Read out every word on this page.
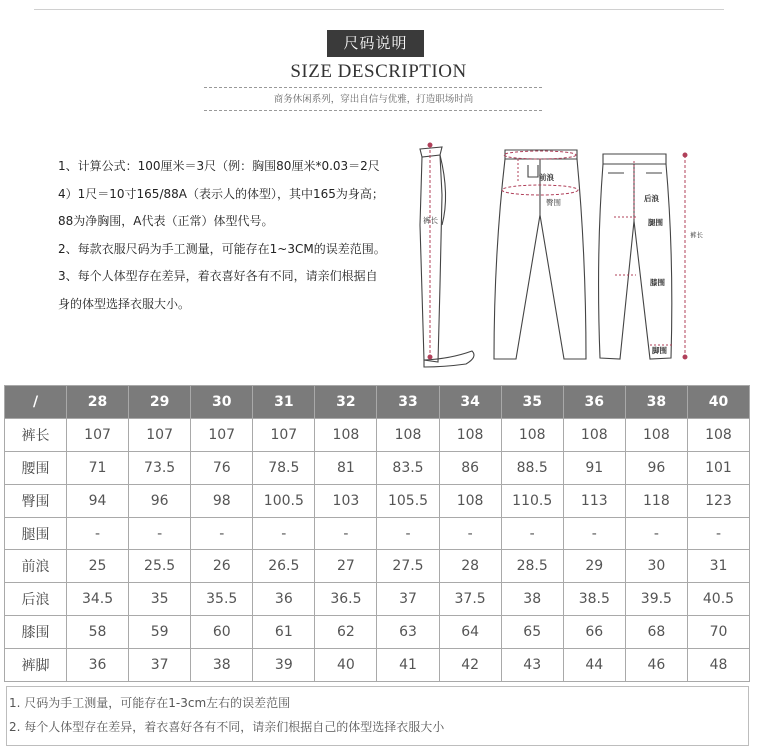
尺码说明
SIZE DESCRIPTION
商务休闲系列，穿出自信与优雅，打造职场时尚
1、计算公式：100厘米＝3尺（例：胸围80厘米*0.03＝2尺
4）1尺＝10寸165/88A（表示人的体型），其中165为身高；
88为净胸围，A代表（正常）体型代号。
2、每款衣服尺码为手工测量，可能存在1~3CM的误差范围。
3、每个人体型存在差异，着衣喜好各有不同，请亲们根据自
身的体型选择衣服大小。
裤长
前浪
臀围	后浪
腿围
膝围
脚围
裤长
/	28	29	30	31	32	33	34	35	36	38	40
裤长	107	107	107	107	108	108	108	108	108	108	108
腰围	71	73.5	76	78.5	81	83.5	86	88.5	91	96	101
臀围	94	96	98	100.5	103	105.5	108	110.5	113	118	123
腿围	-	-	-	-	-	-	-	-	-	-	-
前浪	25	25.5	26	26.5	27	27.5	28	28.5	29	30	31
后浪	34.5	35	35.5	36	36.5	37	37.5	38	38.5	39.5	40.5
膝围	58	59	60	61	62	63	64	65	66	68	70
裤脚	36	37	38	39	40	41	42	43	44	46	48
1. 尺码为手工测量，可能存在1-3cm左右的误差范围
2. 每个人体型存在差异，着衣喜好各有不同，请亲们根据自己的体型选择衣服大小
